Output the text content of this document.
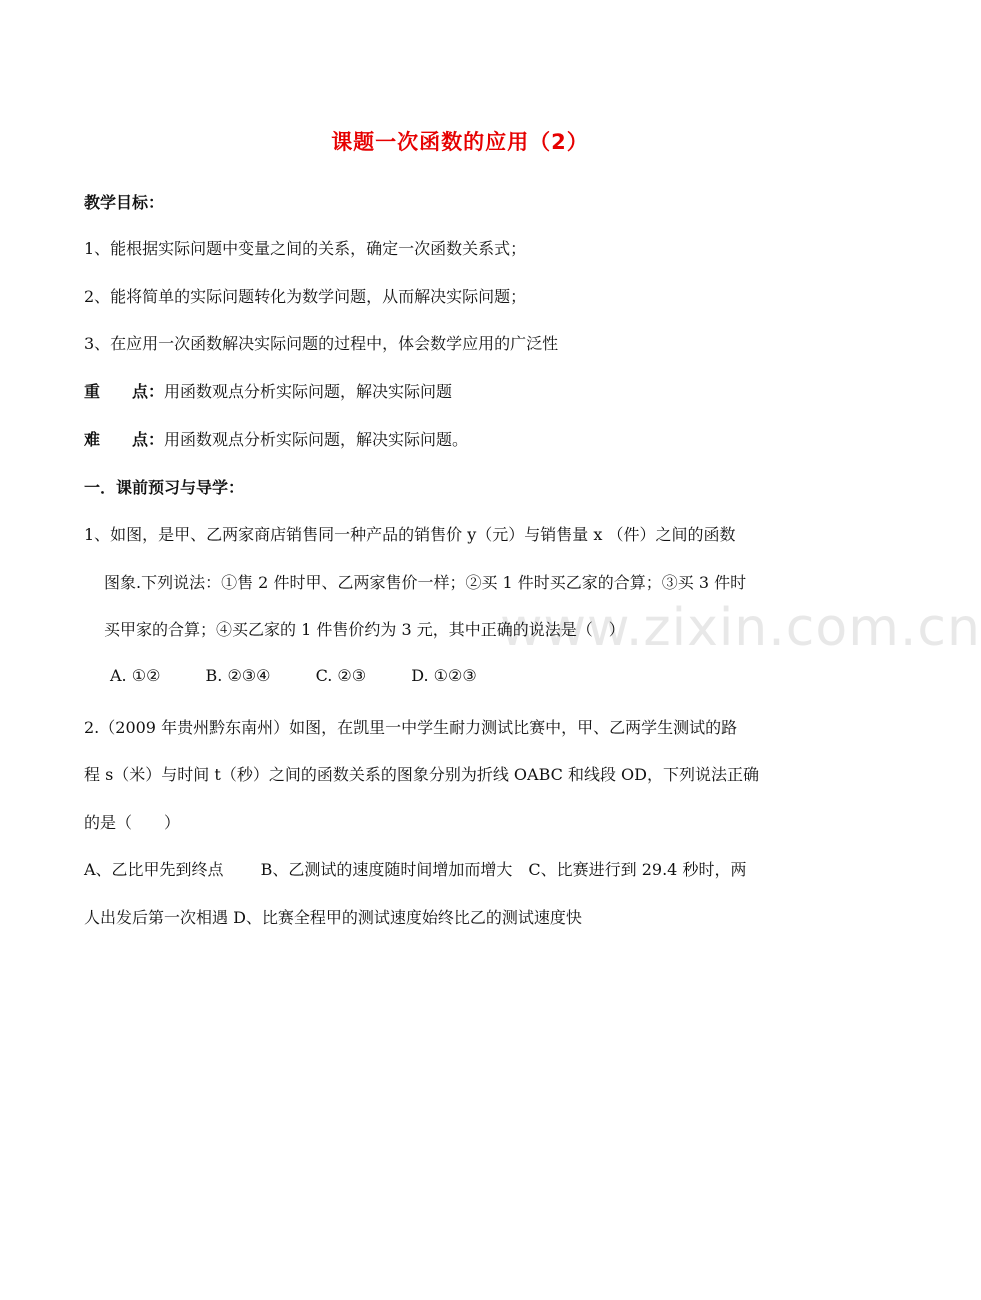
www.zixin.com.cn
课题一次函数的应用（2）
教学目标：
1、能根据实际问题中变量之间的关系，确定一次函数关系式；
2、能将简单的实际问题转化为数学问题，从而解决实际问题；
3、在应用一次函数解决实际问题的过程中，体会数学应用的广泛性
重　　点：用函数观点分析实际问题，解决实际问题
难　　点：用函数观点分析实际问题，解决实际问题。
一．课前预习与导学：
1、如图，是甲、乙两家商店销售同一种产品的销售价 y（元）与销售量 x （件）之间的函数
图象.下列说法：①售 2 件时甲、乙两家售价一样；②买 1 件时买乙家的合算；③买 3 件时
买甲家的合算；④买乙家的 1 件售价约为 3 元，其中正确的说法是（　）
A. ①②	B. ②③④	C. ②③	D. ①②③
2.（2009 年贵州黔东南州）如图，在凯里一中学生耐力测试比赛中，甲、乙两学生测试的路
程 s（米）与时间 t（秒）之间的函数关系的图象分别为折线 OABC 和线段 OD，下列说法正确
的是（　　）
A、乙比甲先到终点　　 B、乙测试的速度随时间增加而增大　C、比赛进行到 29.4 秒时，两
人出发后第一次相遇 D、比赛全程甲的测试速度始终比乙的测试速度快
